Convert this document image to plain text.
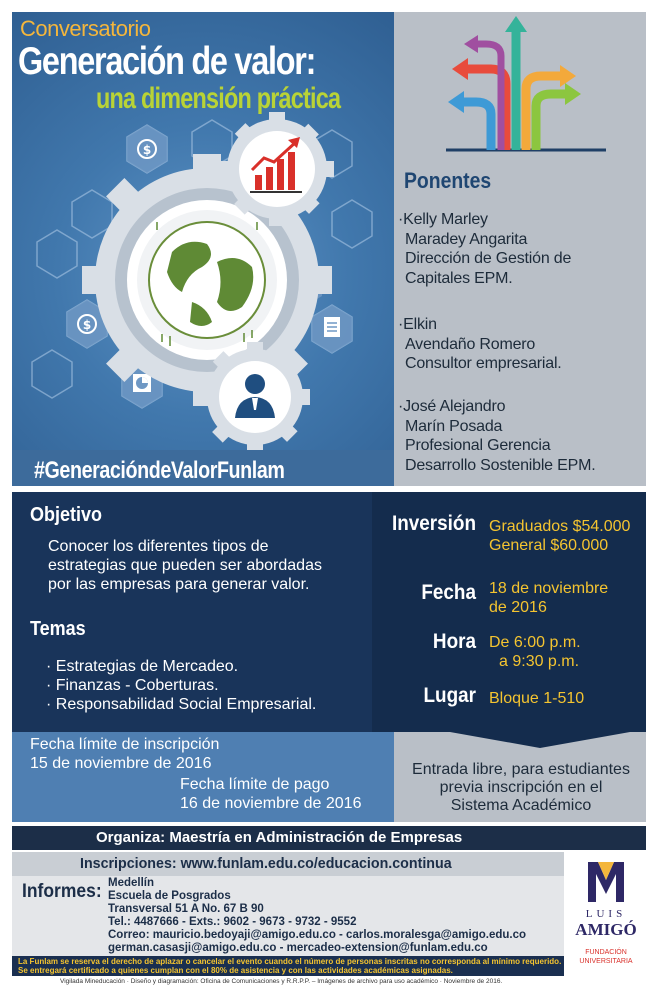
$
$
Conversatorio
Generación de valor:
una dimensión práctica
#GeneracióndeValorFunlam
Ponentes
·Kelly Marley
Maradey Angarita
Dirección de Gestión de
Capitales EPM.
·Elkin
Avendaño Romero
Consultor empresarial.
·José Alejandro
Marín Posada
Profesional Gerencia
Desarrollo Sostenible EPM.
Objetivo
Conocer los diferentes tipos de
estrategias que pueden ser abordadas
por las empresas para generar valor.
Temas
· Estrategias de Mercadeo.
· Finanzas - Coberturas.
· Responsabilidad Social Empresarial.
Inversión Graduados $54.000
General $60.000
Fecha 18 de noviembre
de 2016
Hora De 6:00 p.m.
a 9:30 p.m.
Lugar Bloque 1-510
Fecha límite de inscripción
15 de noviembre de 2016
Fecha límite de pago
16 de noviembre de 2016
Entrada libre, para estudiantes
previa inscripción en el
Sistema Académico
Organiza: Maestría en Administración de Empresas
Inscripciones: www.funlam.edu.co/educacion.continua
Informes: Medellín
Escuela de Posgrados
Transversal 51 A No. 67 B 90
Tel.: 4487666 - Exts.: 9602 - 9673 - 9732 - 9552
Correo: mauricio.bedoyaji@amigo.edu.co - carlos.moralesga@amigo.edu.co
german.casasji@amigo.edu.co - mercadeo-extension@funlam.edu.co
La Funlam se reserva el derecho de aplazar o cancelar el evento cuando el número de personas inscritas no corresponda al mínimo requerido.
Se entregará certificado a quienes cumplan con el 80% de asistencia y con las actividades académicas asignadas.
Vigilada Mineducación · Diseño y diagramación: Oficina de Comunicaciones y R.R.P.P. – Imágenes de archivo para uso académico · Noviembre de 2016.
LUIS
AMIGÓ
FUNDACIÓN
UNIVERSITARIA
